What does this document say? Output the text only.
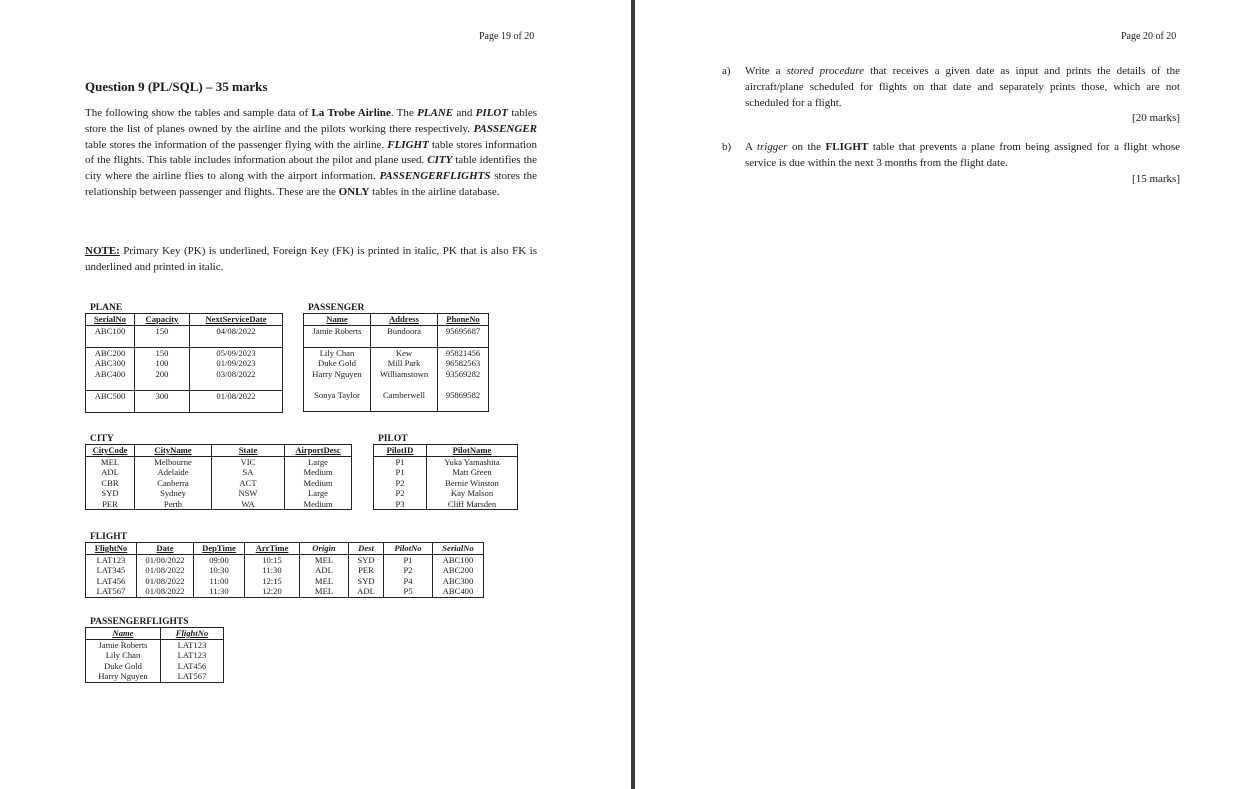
Page 19 of 20
Question 9 (PL/SQL) – 35 marks
The following show the tables and sample data of La Trobe Airline. The PLANE and PILOT tables store the list of planes owned by the airline and the pilots working there respectively. PASSENGER table stores the information of the passenger flying with the airline. FLIGHT table stores information of the flights. This table includes information about the pilot and plane used. CITY table identifies the city where the airline flies to along with the airport information. PASSENGERFLIGHTS stores the relationship between passenger and flights. These are the ONLY tables in the airline database.
NOTE: Primary Key (PK) is underlined, Foreign Key (FK) is printed in italic, PK that is also FK is underlined and printed in italic.
PLANE
SerialNo	Capacity	NextServiceDate
ABC100	150	04/08/2022
ABC200	150	05/09/2023
ABC300	100	01/09/2023
ABC400	200	03/08/2022
ABC500	300	01/08/2022
PASSENGER
Name	Address	PhoneNo
Jamie Roberts	Bundoora	95695687
Lily Chan	Kew	95821456
Duke Gold	Mill Park	96582563
Harry Nguyen	Williamstown	93569282
Sonya Taylor	Camberwell	95869582
CITY
CityCode	CityName	State	AirportDesc
MEL	Melbourne	VIC	Large
ADL	Adelaide	SA	Medium
CBR	Canberra	ACT	Medium
SYD	Sydney	NSW	Large
PER	Perth	WA	Medium
PILOT
PilotID	PilotName
P1	Yuka Yamashita
P1	Matt Green
P2	Bernie Winston
P2	Kay Malson
P3	Cliff Marsden
FLIGHT
FlightNo	Date	DepTime	ArrTime	Origin	Dest	PilotNo	SerialNo
LAT123	01/08/2022	09:00	10:15	MEL	SYD	P1	ABC100
LAT345	01/08/2022	10:30	11:30	ADL	PER	P2	ABC200
LAT456	01/08/2022	11:00	12:15	MEL	SYD	P4	ABC300
LAT567	01/08/2022	11:30	12:20	MEL	ADL	P5	ABC400
PASSENGERFLIGHTS
Name	FlightNo
Jamie Roberts	LAT123
Lily Chan	LAT123
Duke Gold	LAT456
Harry Nguyen	LAT567
Page 20 of 20
a) Write a stored procedure that receives a given date as input and prints the details of the aircraft/plane scheduled for flights on that date and separately prints those, which are not scheduled for a flight.
[20 marks]
b) A trigger on the FLIGHT table that prevents a plane from being assigned for a flight whose service is due within the next 3 months from the flight date.
[15 marks]
